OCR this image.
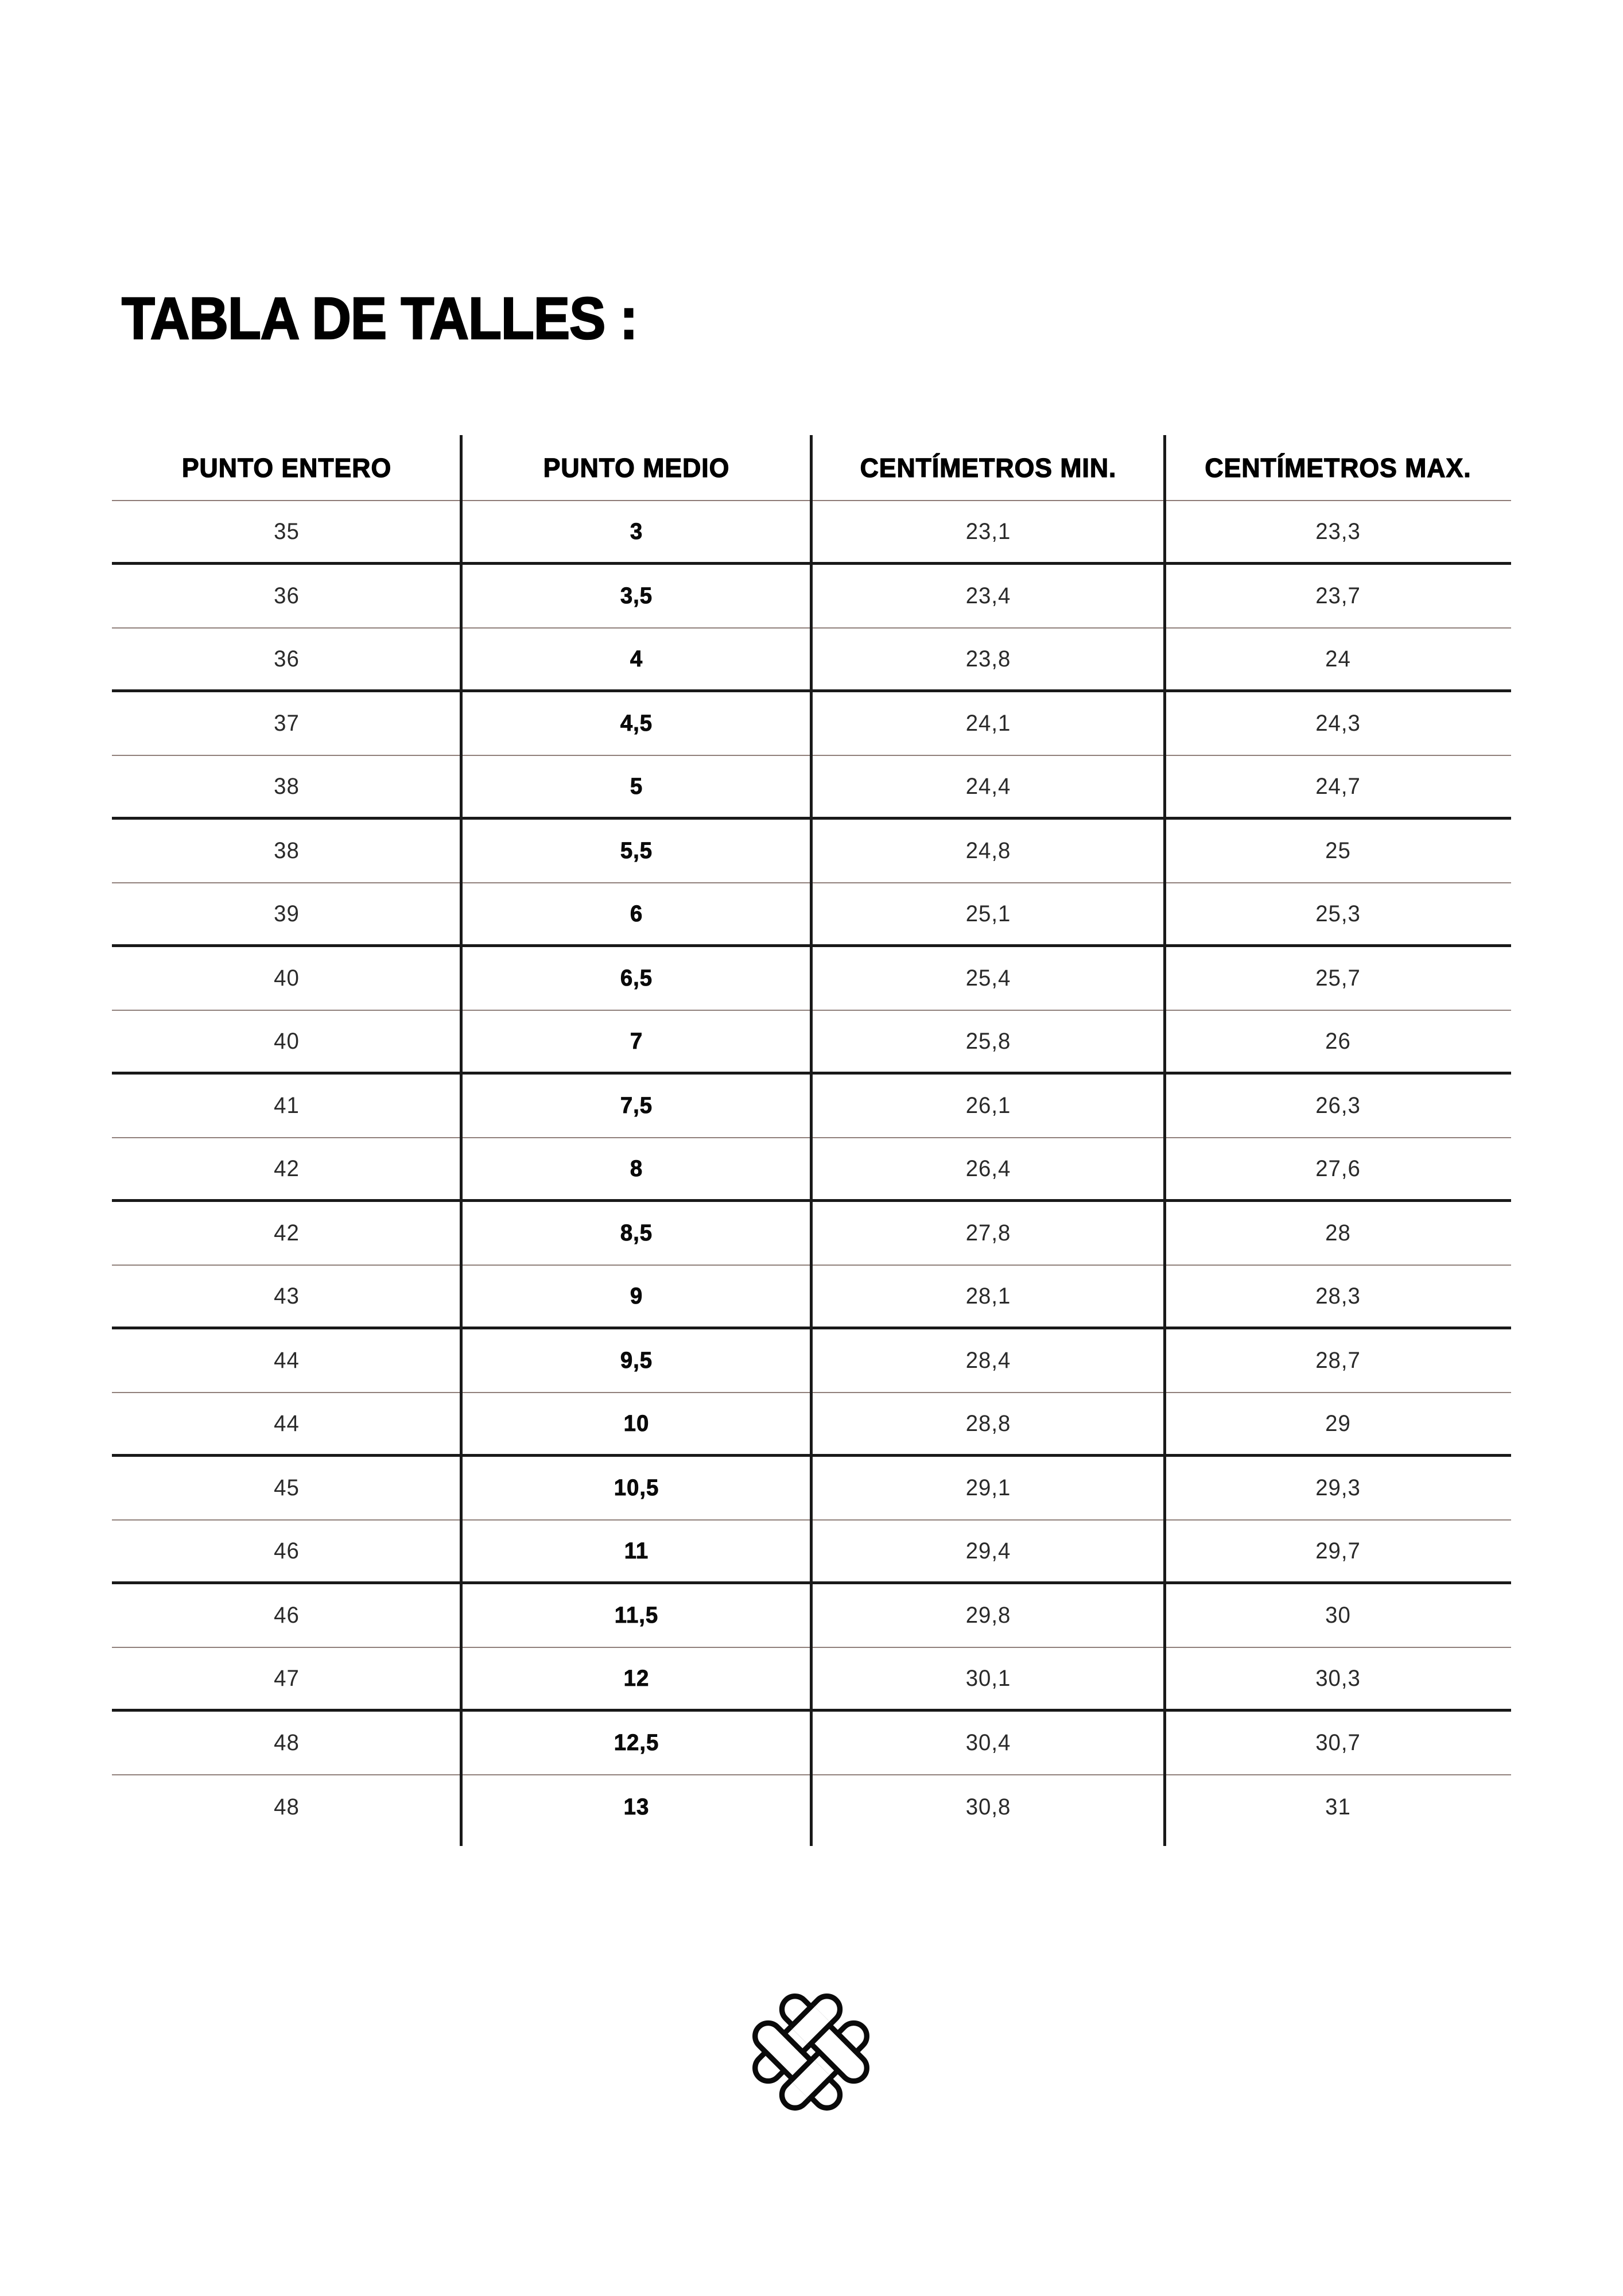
TABLA DE TALLES :
PUNTO ENTERO	PUNTO MEDIO	CENTÍMETROS MIN.	CENTÍMETROS MAX.
35	3	23,1	23,3
36	3,5	23,4	23,7
36	4	23,8	24
37	4,5	24,1	24,3
38	5	24,4	24,7
38	5,5	24,8	25
39	6	25,1	25,3
40	6,5	25,4	25,7
40	7	25,8	26
41	7,5	26,1	26,3
42	8	26,4	27,6
42	8,5	27,8	28
43	9	28,1	28,3
44	9,5	28,4	28,7
44	10	28,8	29
45	10,5	29,1	29,3
46	11	29,4	29,7
46	11,5	29,8	30
47	12	30,1	30,3
48	12,5	30,4	30,7
48	13	30,8	31
